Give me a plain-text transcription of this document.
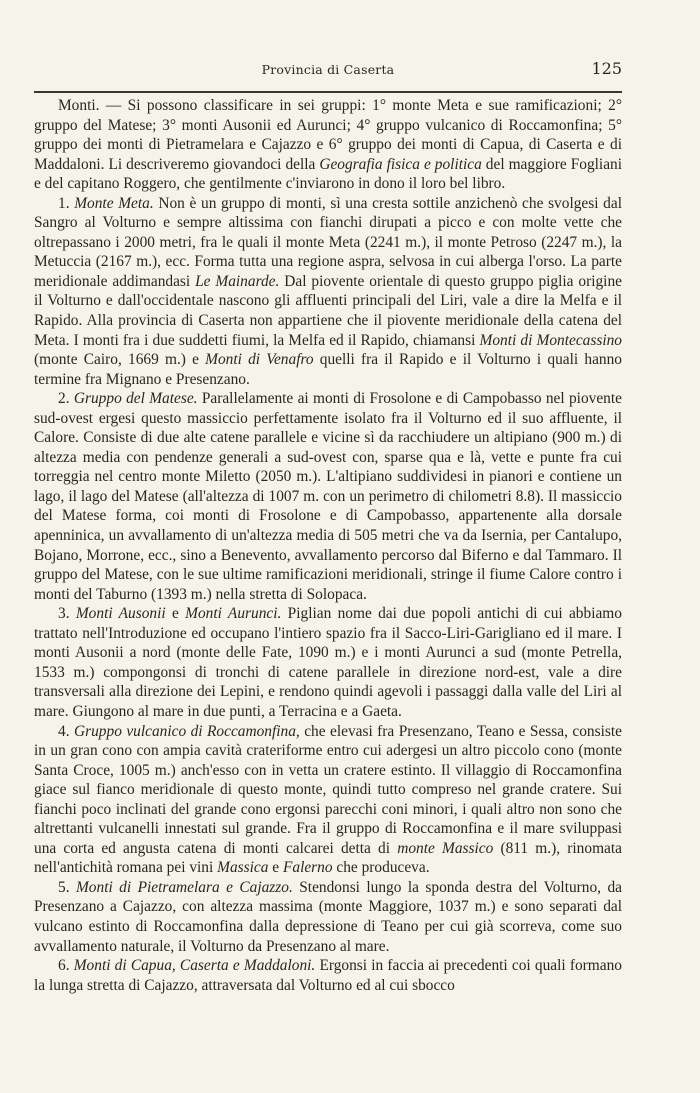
Provincia di Caserta	125

Monti. — Si possono classificare in sei gruppi: 1° monte Meta e sue ramificazioni; 2° gruppo del Matese; 3° monti Ausonii ed Aurunci; 4° gruppo vulcanico di Roccamonfina; 5° gruppo dei monti di Pietramelara e Cajazzo e 6° gruppo dei monti di Capua, di Caserta e di Maddaloni. Li descriveremo giovandoci della Geografia fisica e politica del maggiore Fogliani e del capitano Roggero, che gentilmente c'inviarono in dono il loro bel libro.

1. Monte Meta. Non è un gruppo di monti, sì una cresta sottile anzichenò che svolgesi dal Sangro al Volturno e sempre altissima con fianchi dirupati a picco e con molte vette che oltrepassano i 2000 metri, fra le quali il monte Meta (2241 m.), il monte Petroso (2247 m.), la Metuccia (2167 m.), ecc. Forma tutta una regione aspra, selvosa in cui alberga l'orso. La parte meridionale addimandasi Le Mainarde. Dal piovente orientale di questo gruppo piglia origine il Volturno e dall'occidentale nascono gli affluenti principali del Liri, vale a dire la Melfa e il Rapido. Alla provincia di Caserta non appartiene che il piovente meridionale della catena del Meta. I monti fra i due suddetti fiumi, la Melfa ed il Rapido, chiamansi Monti di Montecassino (monte Cairo, 1669 m.) e Monti di Venafro quelli fra il Rapido e il Volturno i quali hanno termine fra Mignano e Presenzano.

2. Gruppo del Matese. Parallelamente ai monti di Frosolone e di Campobasso nel piovente sud-ovest ergesi questo massiccio perfettamente isolato fra il Volturno ed il suo affluente, il Calore. Consiste di due alte catene parallele e vicine sì da racchiudere un altipiano (900 m.) di altezza media con pendenze generali a sud-ovest con, sparse qua e là, vette e punte fra cui torreggia nel centro monte Miletto (2050 m.). L'altipiano suddividesi in pianori e contiene un lago, il lago del Matese (all'altezza di 1007 m. con un perimetro di chilometri 8.8). Il massiccio del Matese forma, coi monti di Frosolone e di Campobasso, appartenente alla dorsale apenninica, un avvallamento di un'altezza media di 505 metri che va da Isernia, per Cantalupo, Bojano, Morrone, ecc., sino a Benevento, avvallamento percorso dal Biferno e dal Tammaro. Il gruppo del Matese, con le sue ultime ramificazioni meridionali, stringe il fiume Calore contro i monti del Taburno (1393 m.) nella stretta di Solopaca.

3. Monti Ausonii e Monti Aurunci. Piglian nome dai due popoli antichi di cui abbiamo trattato nell'Introduzione ed occupano l'intiero spazio fra il Sacco-Liri-Garigliano ed il mare. I monti Ausonii a nord (monte delle Fate, 1090 m.) e i monti Aurunci a sud (monte Petrella, 1533 m.) compongonsi di tronchi di catene parallele in direzione nord-est, vale a dire transversali alla direzione dei Lepini, e rendono quindi agevoli i passaggi dalla valle del Liri al mare. Giungono al mare in due punti, a Terracina e a Gaeta.

4. Gruppo vulcanico di Roccamonfina, che elevasi fra Presenzano, Teano e Sessa, consiste in un gran cono con ampia cavità crateriforme entro cui adergesi un altro piccolo cono (monte Santa Croce, 1005 m.) anch'esso con in vetta un cratere estinto. Il villaggio di Roccamonfina giace sul fianco meridionale di questo monte, quindi tutto compreso nel grande cratere. Sui fianchi poco inclinati del grande cono ergonsi parecchi coni minori, i quali altro non sono che altrettanti vulcanelli innestati sul grande. Fra il gruppo di Roccamonfina e il mare sviluppasi una corta ed angusta catena di monti calcarei detta di monte Massico (811 m.), rinomata nell'antichità romana pei vini Massica e Falerno che produceva.

5. Monti di Pietramelara e Cajazzo. Stendonsi lungo la sponda destra del Volturno, da Presenzano a Cajazzo, con altezza massima (monte Maggiore, 1037 m.) e sono separati dal vulcano estinto di Roccamonfina dalla depressione di Teano per cui già scorreva, come suo avvallamento naturale, il Volturno da Presenzano al mare.

6. Monti di Capua, Caserta e Maddaloni. Ergonsi in faccia ai precedenti coi quali formano la lunga stretta di Cajazzo, attraversata dal Volturno ed al cui sbocco
